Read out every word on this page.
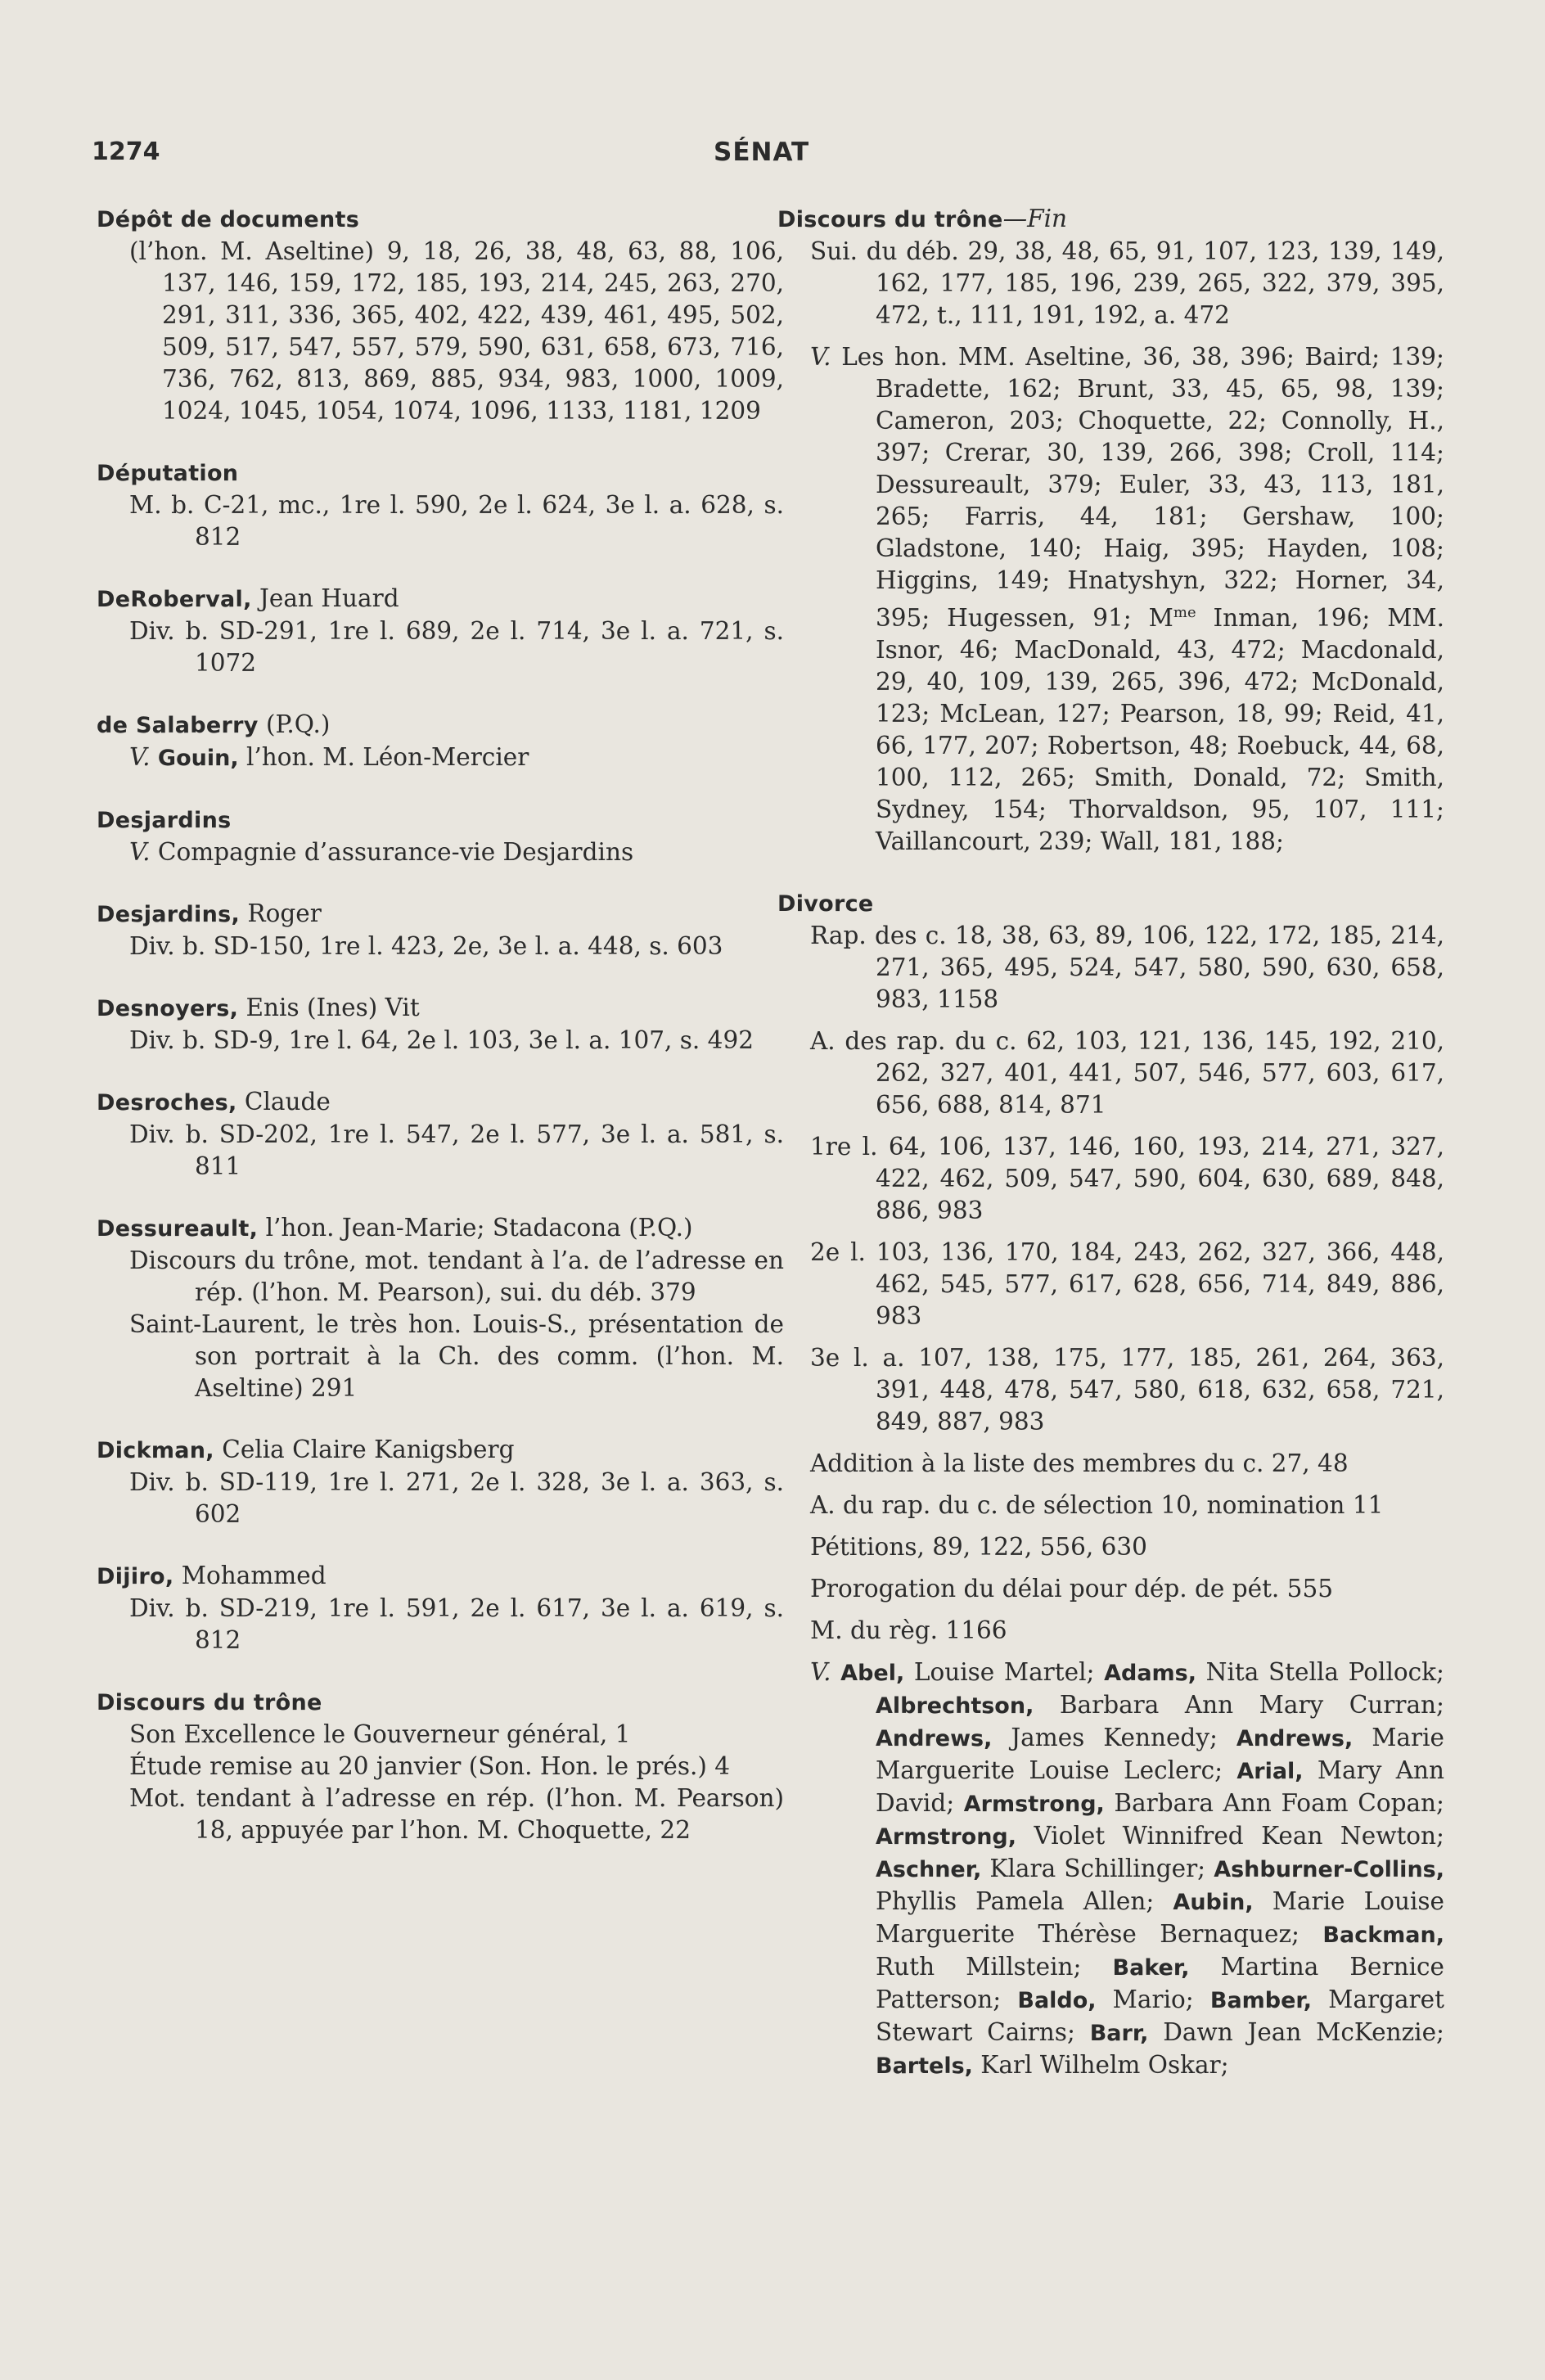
1274	SÉNAT

Dépôt de documents

(l’hon. M. Aseltine) 9, 18, 26, 38, 48, 63, 88, 106, 137, 146, 159, 172, 185, 193, 214, 245, 263, 270, 291, 311, 336, 365, 402, 422, 439, 461, 495, 502, 509, 517, 547, 557, 579, 590, 631, 658, 673, 716, 736, 762, 813, 869, 885, 934, 983, 1000, 1009, 1024, 1045, 1054, 1074, 1096, 1133, 1181, 1209

Députation

M. b. C-21, mc., 1re l. 590, 2e l. 624, 3e l. a. 628, s. 812

DeRoberval, Jean Huard

Div. b. SD-291, 1re l. 689, 2e l. 714, 3e l. a. 721, s. 1072

de Salaberry (P.Q.)

V. Gouin, l’hon. M. Léon-Mercier

Desjardins

V. Compagnie d’assurance-vie Desjardins

Desjardins, Roger

Div. b. SD-150, 1re l. 423, 2e, 3e l. a. 448, s. 603

Desnoyers, Enis (Ines) Vit

Div. b. SD-9, 1re l. 64, 2e l. 103, 3e l. a. 107, s. 492

Desroches, Claude

Div. b. SD-202, 1re l. 547, 2e l. 577, 3e l. a. 581, s. 811

Dessureault, l’hon. Jean-Marie; Stadacona (P.Q.)

Discours du trône, mot. tendant à l’a. de l’adresse en rép. (l’hon. M. Pearson), sui. du déb. 379

Saint-Laurent, le très hon. Louis-S., présentation de son portrait à la Ch. des comm. (l’hon. M. Aseltine) 291

Dickman, Celia Claire Kanigsberg

Div. b. SD-119, 1re l. 271, 2e l. 328, 3e l. a. 363, s. 602

Dijiro, Mohammed

Div. b. SD-219, 1re l. 591, 2e l. 617, 3e l. a. 619, s. 812

Discours du trône

Son Excellence le Gouverneur général, 1

Étude remise au 20 janvier (Son. Hon. le prés.) 4

Mot. tendant à l’adresse en rép. (l’hon. M. Pearson) 18, appuyée par l’hon. M. Choquette, 22

Discours du trône—Fin

Sui. du déb. 29, 38, 48, 65, 91, 107, 123, 139, 149, 162, 177, 185, 196, 239, 265, 322, 379, 395, 472, t., 111, 191, 192, a. 472

V. Les hon. MM. Aseltine, 36, 38, 396; Baird; 139; Bradette, 162; Brunt, 33, 45, 65, 98, 139; Cameron, 203; Choquette, 22; Connolly, H., 397; Crerar, 30, 139, 266, 398; Croll, 114; Dessureault, 379; Euler, 33, 43, 113, 181, 265; Farris, 44, 181; Gershaw, 100; Gladstone, 140; Haig, 395; Hayden, 108; Higgins, 149; Hnatyshyn, 322; Horner, 34, 395; Hugessen, 91; $M^{me}$ Inman, 196; MM. Isnor, 46; MacDonald, 43, 472; Macdonald, 29, 40, 109, 139, 265, 396, 472; McDonald, 123; McLean, 127; Pearson, 18, 99; Reid, 41, 66, 177, 207; Robertson, 48; Roebuck, 44, 68, 100, 112, 265; Smith, Donald, 72; Smith, Sydney, 154; Thorvaldson, 95, 107, 111; Vaillancourt, 239; Wall, 181, 188;

Divorce

Rap. des c. 18, 38, 63, 89, 106, 122, 172, 185, 214, 271, 365, 495, 524, 547, 580, 590, 630, 658, 983, 1158

A. des rap. du c. 62, 103, 121, 136, 145, 192, 210, 262, 327, 401, 441, 507, 546, 577, 603, 617, 656, 688, 814, 871

1re l. 64, 106, 137, 146, 160, 193, 214, 271, 327, 422, 462, 509, 547, 590, 604, 630, 689, 848, 886, 983

2e l. 103, 136, 170, 184, 243, 262, 327, 366, 448, 462, 545, 577, 617, 628, 656, 714, 849, 886, 983

3e l. a. 107, 138, 175, 177, 185, 261, 264, 363, 391, 448, 478, 547, 580, 618, 632, 658, 721, 849, 887, 983

Addition à la liste des membres du c. 27, 48

A. du rap. du c. de sélection 10, nomination 11

Pétitions, 89, 122, 556, 630

Prorogation du délai pour dép. de pét. 555

M. du règ. 1166

V. Abel, Louise Martel; Adams, Nita Stella Pollock; Albrechtson, Barbara Ann Mary Curran; Andrews, James Kennedy; Andrews, Marie Marguerite Louise Leclerc; Arial, Mary Ann David; Armstrong, Barbara Ann Foam Copan; Armstrong, Violet Winnifred Kean Newton; Aschner, Klara Schillinger; Ashburner-Collins, Phyllis Pamela Allen; Aubin, Marie Louise Marguerite Thérèse Bernaquez; Backman, Ruth Millstein; Baker, Martina Bernice Patterson; Baldo, Mario; Bamber, Margaret Stewart Cairns; Barr, Dawn Jean McKenzie; Bartels, Karl Wilhelm Oskar;
